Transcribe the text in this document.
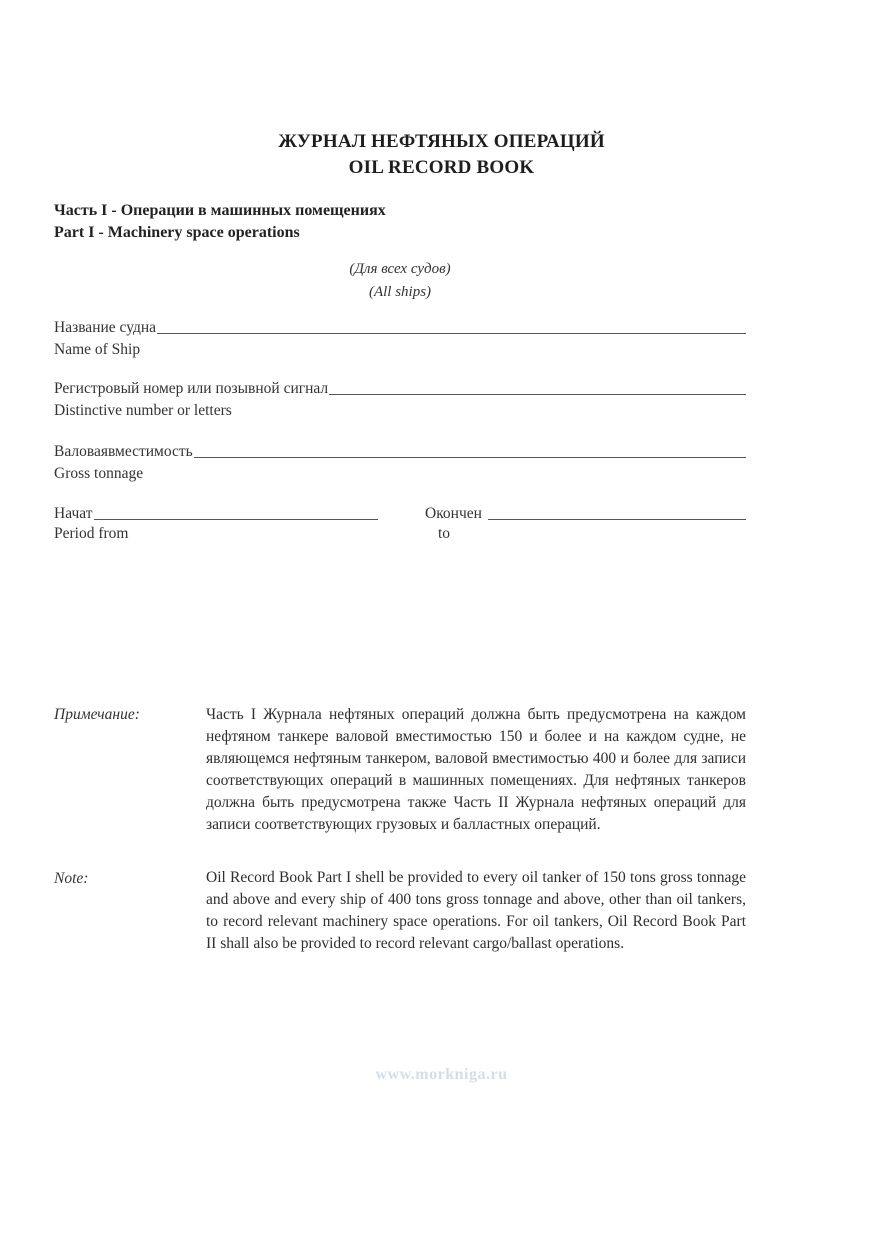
ЖУРНАЛ НЕФТЯНЫХ ОПЕРАЦИЙ
OIL RECORD BOOK
Часть I - Операции в машинных помещениях
Part I - Machinery space operations
(Для всех судов)
(All ships)
Название судна
Name of Ship
Регистровый номер или позывной сигнал
Distinctive number or letters
Валоваявместимость
Gross tonnage
Начат
Period from
Окончен
to
Примечание:	Часть I Журнала нефтяных операций должна быть предусмотрена на каждом нефтяном танкере валовой вместимостью 150 и более и на каждом судне, не являющемся нефтяным танкером, валовой вместимостью 400 и более для записи соответствующих операций в машинных помещениях. Для нефтяных танкеров должна быть предусмотрена также Часть II Журнала нефтяных операций для записи соответствующих грузовых и балластных операций.
Note:	Oil Record Book Part I shell be provided to every oil tanker of 150 tons gross tonnage and above and every ship of 400 tons gross tonnage and above, other than oil tankers, to record relevant machinery space operations. For oil tankers, Oil Record Book Part II shall also be provided to record relevant cargo/ballast operations.
www.morkniga.ru
